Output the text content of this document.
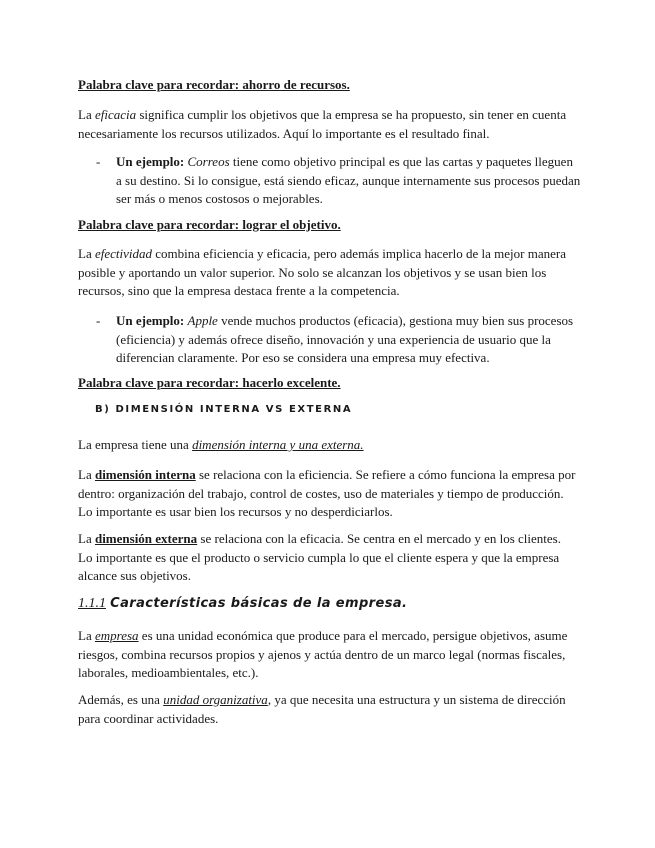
Palabra clave para recordar: ahorro de recursos.

La eficacia significa cumplir los objetivos que la empresa se ha propuesto, sin tener en cuenta necesariamente los recursos utilizados. Aquí lo importante es el resultado final.

- Un ejemplo: Correos tiene como objetivo principal es que las cartas y paquetes lleguen a su destino. Si lo consigue, está siendo eficaz, aunque internamente sus procesos puedan ser más o menos costosos o mejorables.

Palabra clave para recordar: lograr el objetivo.

La efectividad combina eficiencia y eficacia, pero además implica hacerlo de la mejor manera posible y aportando un valor superior. No solo se alcanzan los objetivos y se usan bien los recursos, sino que la empresa destaca frente a la competencia.

- Un ejemplo: Apple vende muchos productos (eficacia), gestiona muy bien sus procesos (eficiencia) y además ofrece diseño, innovación y una experiencia de usuario que la diferencian claramente. Por eso se considera una empresa muy efectiva.

Palabra clave para recordar: hacerlo excelente.

B) DIMENSIÓN INTERNA VS EXTERNA

La empresa tiene una dimensión interna y una externa.

La dimensión interna se relaciona con la eficiencia. Se refiere a cómo funciona la empresa por dentro: organización del trabajo, control de costes, uso de materiales y tiempo de producción. Lo importante es usar bien los recursos y no desperdiciarlos.

La dimensión externa se relaciona con la eficacia. Se centra en el mercado y en los clientes. Lo importante es que el producto o servicio cumpla lo que el cliente espera y que la empresa alcance sus objetivos.

1.1.1 Características básicas de la empresa.

La empresa es una unidad económica que produce para el mercado, persigue objetivos, asume riesgos, combina recursos propios y ajenos y actúa dentro de un marco legal (normas fiscales, laborales, medioambientales, etc.).

Además, es una unidad organizativa, ya que necesita una estructura y un sistema de dirección para coordinar actividades.
